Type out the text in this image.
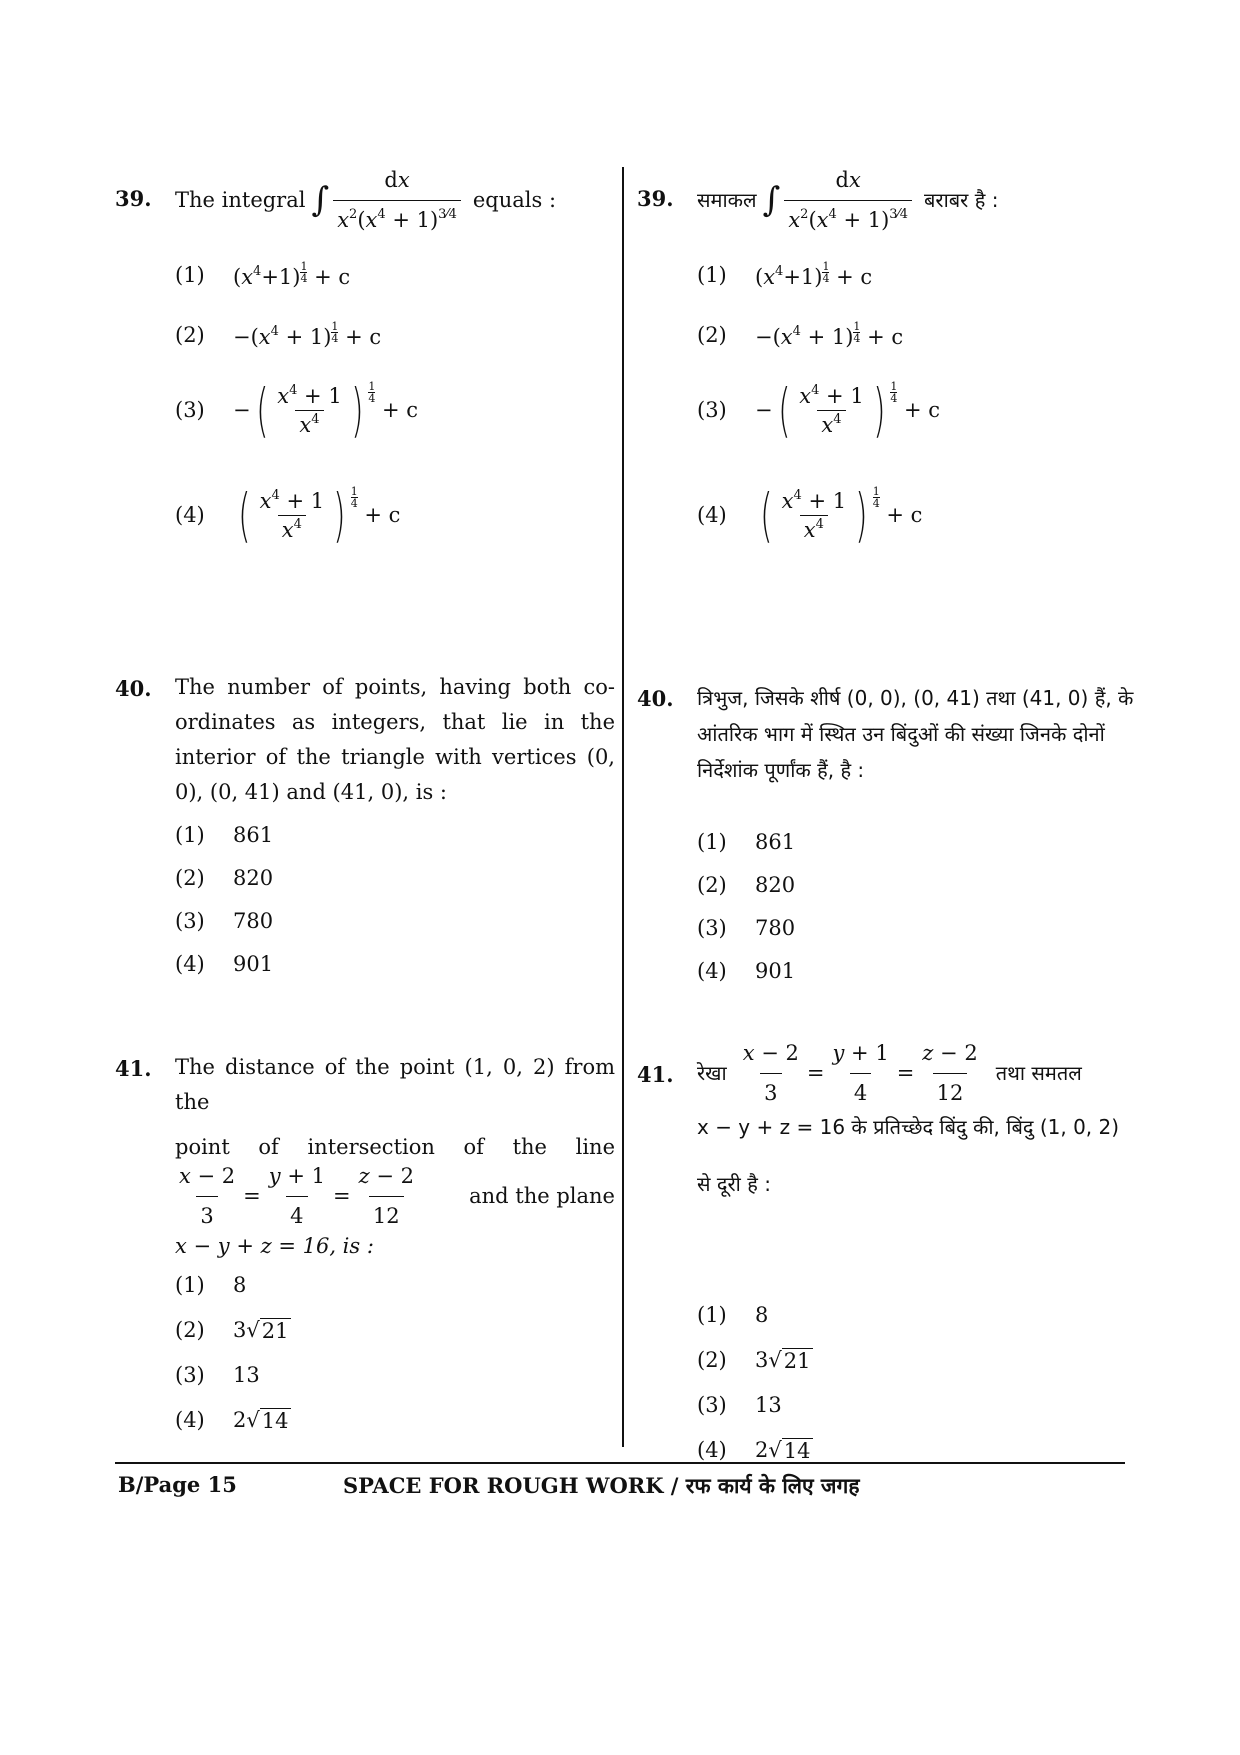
39. The integral ∫ $\frac{dx}{x^2(x^4 + 1)^{3⁄4}}$ equals :
(1)	$(x^4+1) \frac{1}{4} + c$
(2)	$-(x^4 + 1) \frac{1}{4} + c$
(3)	− ( $\frac{x^4 + 1}{x^4}$ ) 1
4 + c
(4) ( $\frac{x^4 + 1}{x^4}$ ) 1
4 + c
40. The number of points, having both co-ordinates as integers, that lie in the interior of the triangle with vertices (0, 0), (0, 41) and (41, 0), is :
(1)	861
(2)	820
(3)	780
(4)	901
41. The distance of the point (1, 0, 2) from the
point of intersection of the line
$\frac{x - 2}{3} = \frac{y + 1}{4} = \frac{z - 2}{12}$ and the plane
x − y + z = 16, is :
(1)	8
(2)	3√ 21
(3)	13
(4)	2√ 14
39. समाकल ∫ $\frac{dx}{x^2(x^4 + 1)^{3⁄4}}$ बराबर है :
(1)	$(x^4+1) \frac{1}{4} + c$
(2)	$-(x^4 + 1) \frac{1}{4} + c$
(3)	− ( $\frac{x^4 + 1}{x^4}$ ) 1
4 + c
(4) ( $\frac{x^4 + 1}{x^4}$ ) 1
4 + c
40. त्रिभुज, जिसके शीर्ष (0, 0), (0, 41) तथा (41, 0) हैं, के आंतरिक भाग में स्थित उन बिंदुओं की संख्या जिनके दोनों निर्देशांक पूर्णांक हैं, है :
(1)	861
(2)	820
(3)	780
(4)	901
41. रेखा $\frac{x - 2}{3} = \frac{y + 1}{4} = \frac{z - 2}{12}$ तथा समतल
x − y + z = 16 के प्रतिच्छेद बिंदु की, बिंदु (1, 0, 2)
से दूरी है :
(1)	8
(2)	3√ 21
(3)	13
(4)	2√ 14
B/Page 15	SPACE FOR ROUGH WORK / रफ कार्य के लिए जगह
